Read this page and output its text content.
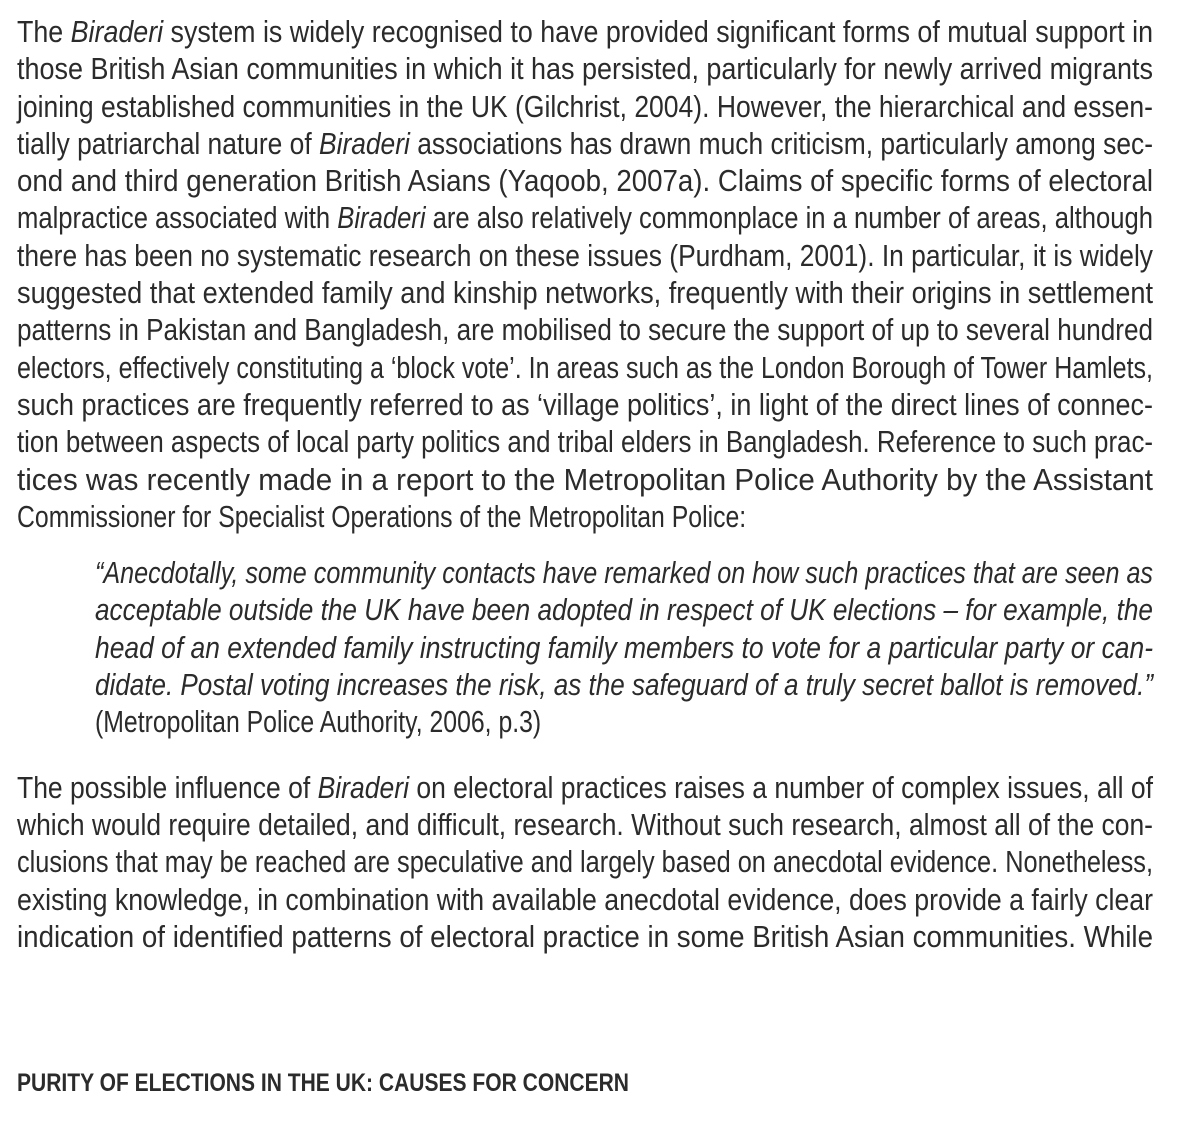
The Biraderi system is widely recognised to have provided significant forms of mutual support in
those British Asian communities in which it has persisted, particularly for newly arrived migrants
joining established communities in the UK (Gilchrist, 2004). However, the hierarchical and essen-
tially patriarchal nature of Biraderi associations has drawn much criticism, particularly among sec-
ond and third generation British Asians (Yaqoob, 2007a). Claims of specific forms of electoral
malpractice associated with Biraderi are also relatively commonplace in a number of areas, although
there has been no systematic research on these issues (Purdham, 2001). In particular, it is widely
suggested that extended family and kinship networks, frequently with their origins in settlement
patterns in Pakistan and Bangladesh, are mobilised to secure the support of up to several hundred
electors, effectively constituting a ‘block vote’. In areas such as the London Borough of Tower Hamlets,
such practices are frequently referred to as ‘village politics’, in light of the direct lines of connec-
tion between aspects of local party politics and tribal elders in Bangladesh. Reference to such prac-
tices was recently made in a report to the Metropolitan Police Authority by the Assistant
Commissioner for Specialist Operations of the Metropolitan Police:
“Anecdotally, some community contacts have remarked on how such practices that are seen as
acceptable outside the UK have been adopted in respect of UK elections – for example, the
head of an extended family instructing family members to vote for a particular party or can-
didate. Postal voting increases the risk, as the safeguard of a truly secret ballot is removed.”
(Metropolitan Police Authority, 2006, p.3)
The possible influence of Biraderi on electoral practices raises a number of complex issues, all of
which would require detailed, and difficult, research. Without such research, almost all of the con-
clusions that may be reached are speculative and largely based on anecdotal evidence. Nonetheless,
existing knowledge, in combination with available anecdotal evidence, does provide a fairly clear
indication of identified patterns of electoral practice in some British Asian communities. While
PURITY OF ELECTIONS IN THE UK: CAUSES FOR CONCERN
